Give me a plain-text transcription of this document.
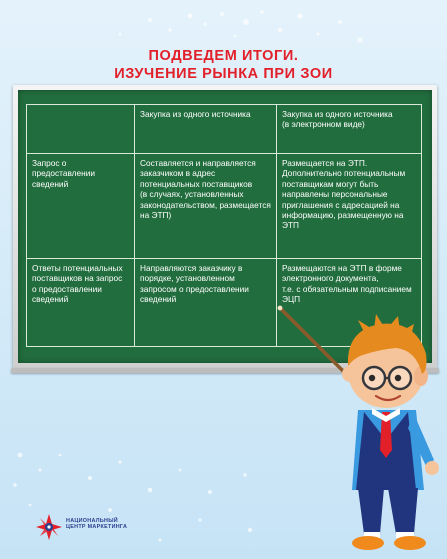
ПОДВЕДЕМ ИТОГИ.
ИЗУЧЕНИЕ РЫНКА ПРИ ЗОИ

	Закупка из одного источника	Закупка из одного источника
(в электронном виде)

Запрос о предоставлении сведений	Составляется и направляется заказчиком в адрес потенциальных поставщиков
(в случаях, установленных законодательством, размещается на ЭТП)	Размещается на ЭТП. Дополнительно потенциальным поставщикам могут быть направлены персональные приглашения с адресацией на информацию, размещенную на ЭТП

Ответы потенциальных поставщиков на запрос о предоставлении сведений	Направляются заказчику в порядке, установленном запросом о предоставлении сведений	Размещаются на ЭТП в форме электронного документа,
т.е. с обязательным подписанием
ЭЦП
НАЦИОНАЛЬНЫЙ
ЦЕНТР МАРКЕТИНГА
